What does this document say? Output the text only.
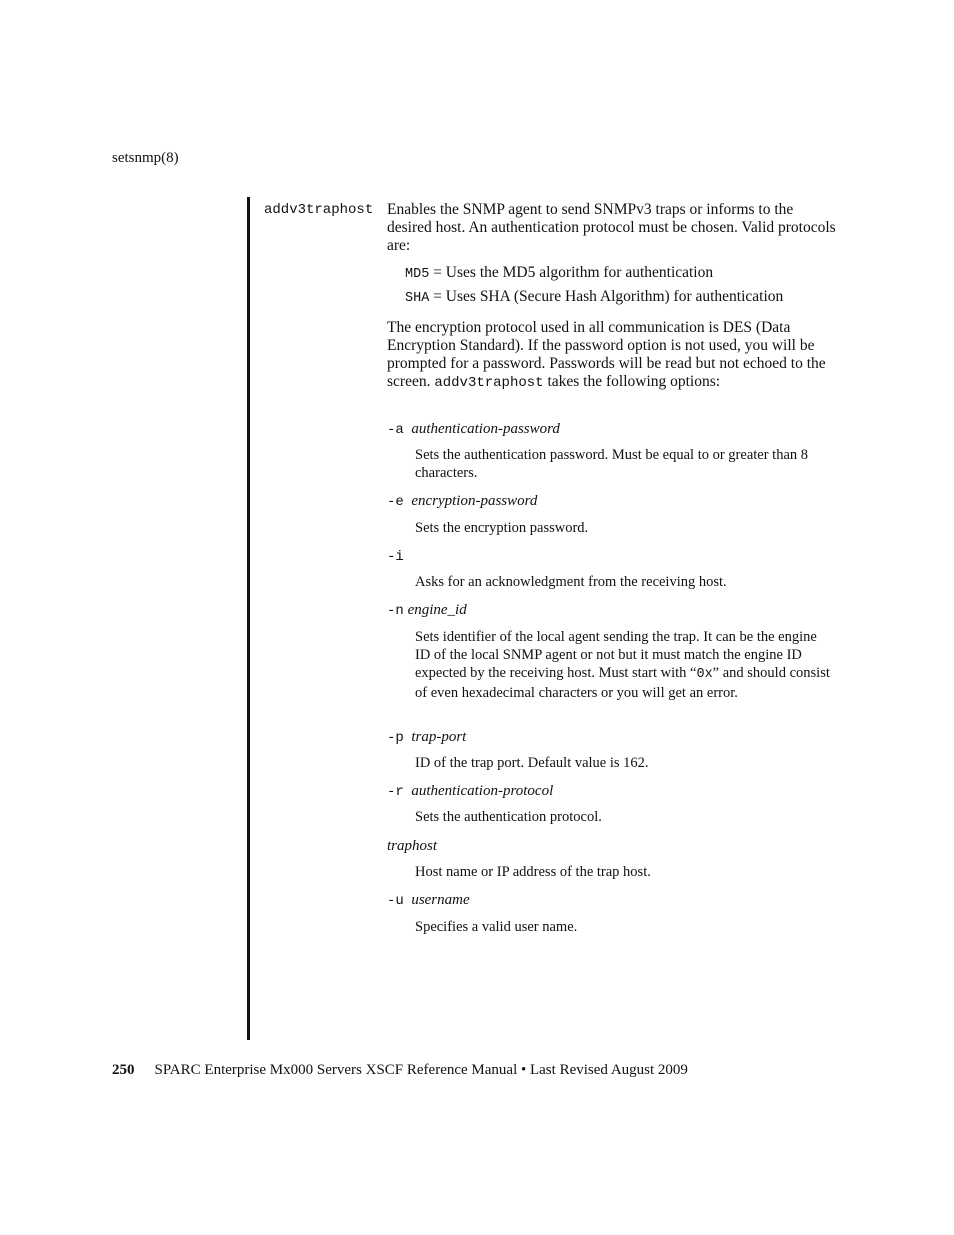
setsnmp(8)
addv3traphost Enables the SNMP agent to send SNMPv3 traps or informs to the desired host. An authentication protocol must be chosen. Valid protocols are:
MD5 = Uses the MD5 algorithm for authentication
SHA = Uses SHA (Secure Hash Algorithm) for authentication
The encryption protocol used in all communication is DES (Data Encryption Standard). If the password option is not used, you will be prompted for a password. Passwords will be read but not echoed to the screen. addv3traphost takes the following options:
-a authentication-password
Sets the authentication password. Must be equal to or greater than 8 characters.
-e encryption-password
Sets the encryption password.
-i
Asks for an acknowledgment from the receiving host.
-n engine_id
Sets identifier of the local agent sending the trap. It can be the engine ID of the local SNMP agent or not but it must match the engine ID expected by the receiving host. Must start with “0x” and should consist of even hexadecimal characters or you will get an error.
-p trap-port
ID of the trap port. Default value is 162.
-r authentication-protocol
Sets the authentication protocol.
traphost
Host name or IP address of the trap host.
-u username
Specifies a valid user name.
250 SPARC Enterprise Mx000 Servers XSCF Reference Manual • Last Revised August 2009
